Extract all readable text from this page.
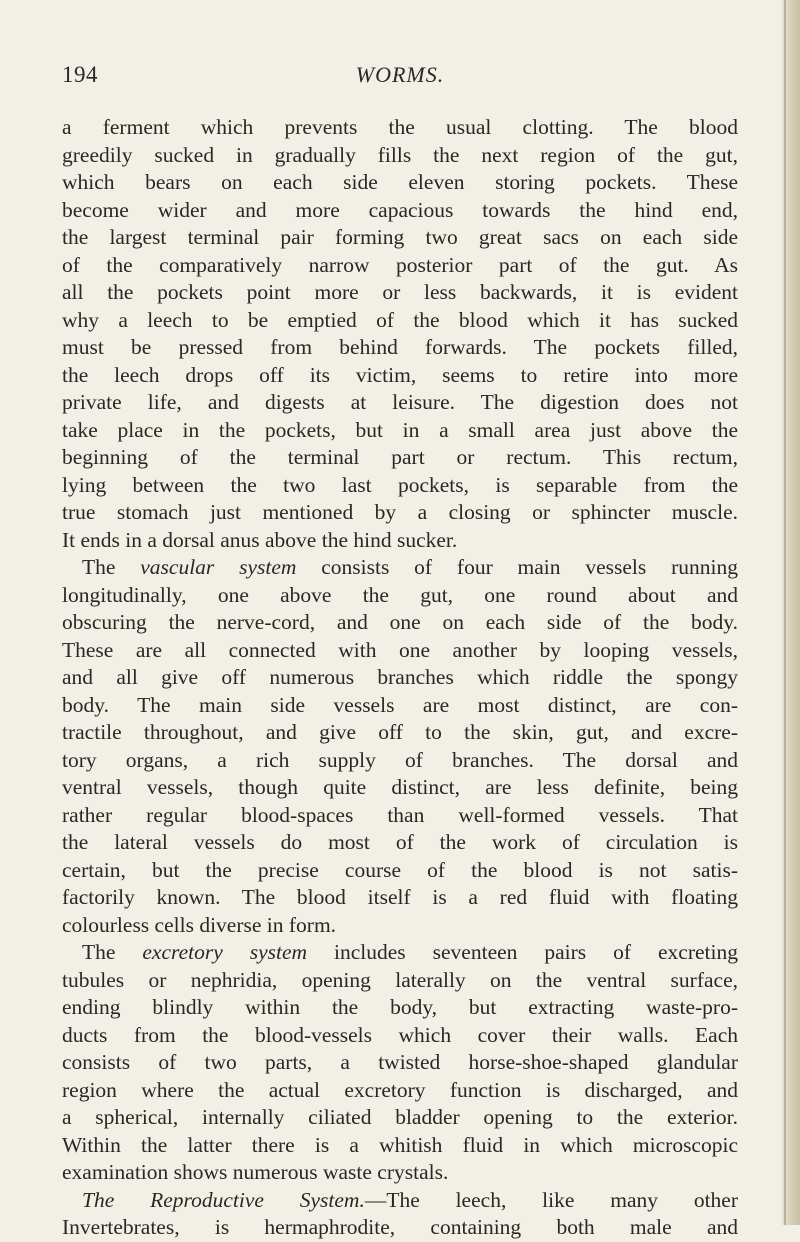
194	WORMS.
a ferment which prevents the usual clotting. The blood
greedily sucked in gradually fills the next region of the gut,
which bears on each side eleven storing pockets. These
become wider and more capacious towards the hind end,
the largest terminal pair forming two great sacs on each side
of the comparatively narrow posterior part of the gut. As
all the pockets point more or less backwards, it is evident
why a leech to be emptied of the blood which it has sucked
must be pressed from behind forwards. The pockets filled,
the leech drops off its victim, seems to retire into more
private life, and digests at leisure. The digestion does not
take place in the pockets, but in a small area just above the
beginning of the terminal part or rectum. This rectum,
lying between the two last pockets, is separable from the
true stomach just mentioned by a closing or sphincter muscle.
It ends in a dorsal anus above the hind sucker.
The vascular system consists of four main vessels running
longitudinally, one above the gut, one round about and
obscuring the nerve-cord, and one on each side of the body.
These are all connected with one another by looping vessels,
and all give off numerous branches which riddle the spongy
body. The main side vessels are most distinct, are con-
tractile throughout, and give off to the skin, gut, and excre-
tory organs, a rich supply of branches. The dorsal and
ventral vessels, though quite distinct, are less definite, being
rather regular blood-spaces than well-formed vessels. That
the lateral vessels do most of the work of circulation is
certain, but the precise course of the blood is not satis-
factorily known. The blood itself is a red fluid with floating
colourless cells diverse in form.
The excretory system includes seventeen pairs of excreting
tubules or nephridia, opening laterally on the ventral surface,
ending blindly within the body, but extracting waste-pro-
ducts from the blood-vessels which cover their walls. Each
consists of two parts, a twisted horse-shoe-shaped glandular
region where the actual excretory function is discharged, and
a spherical, internally ciliated bladder opening to the exterior.
Within the latter there is a whitish fluid in which microscopic
examination shows numerous waste crystals.
The Reproductive System.—The leech, like many other
Invertebrates, is hermaphrodite, containing both male and
